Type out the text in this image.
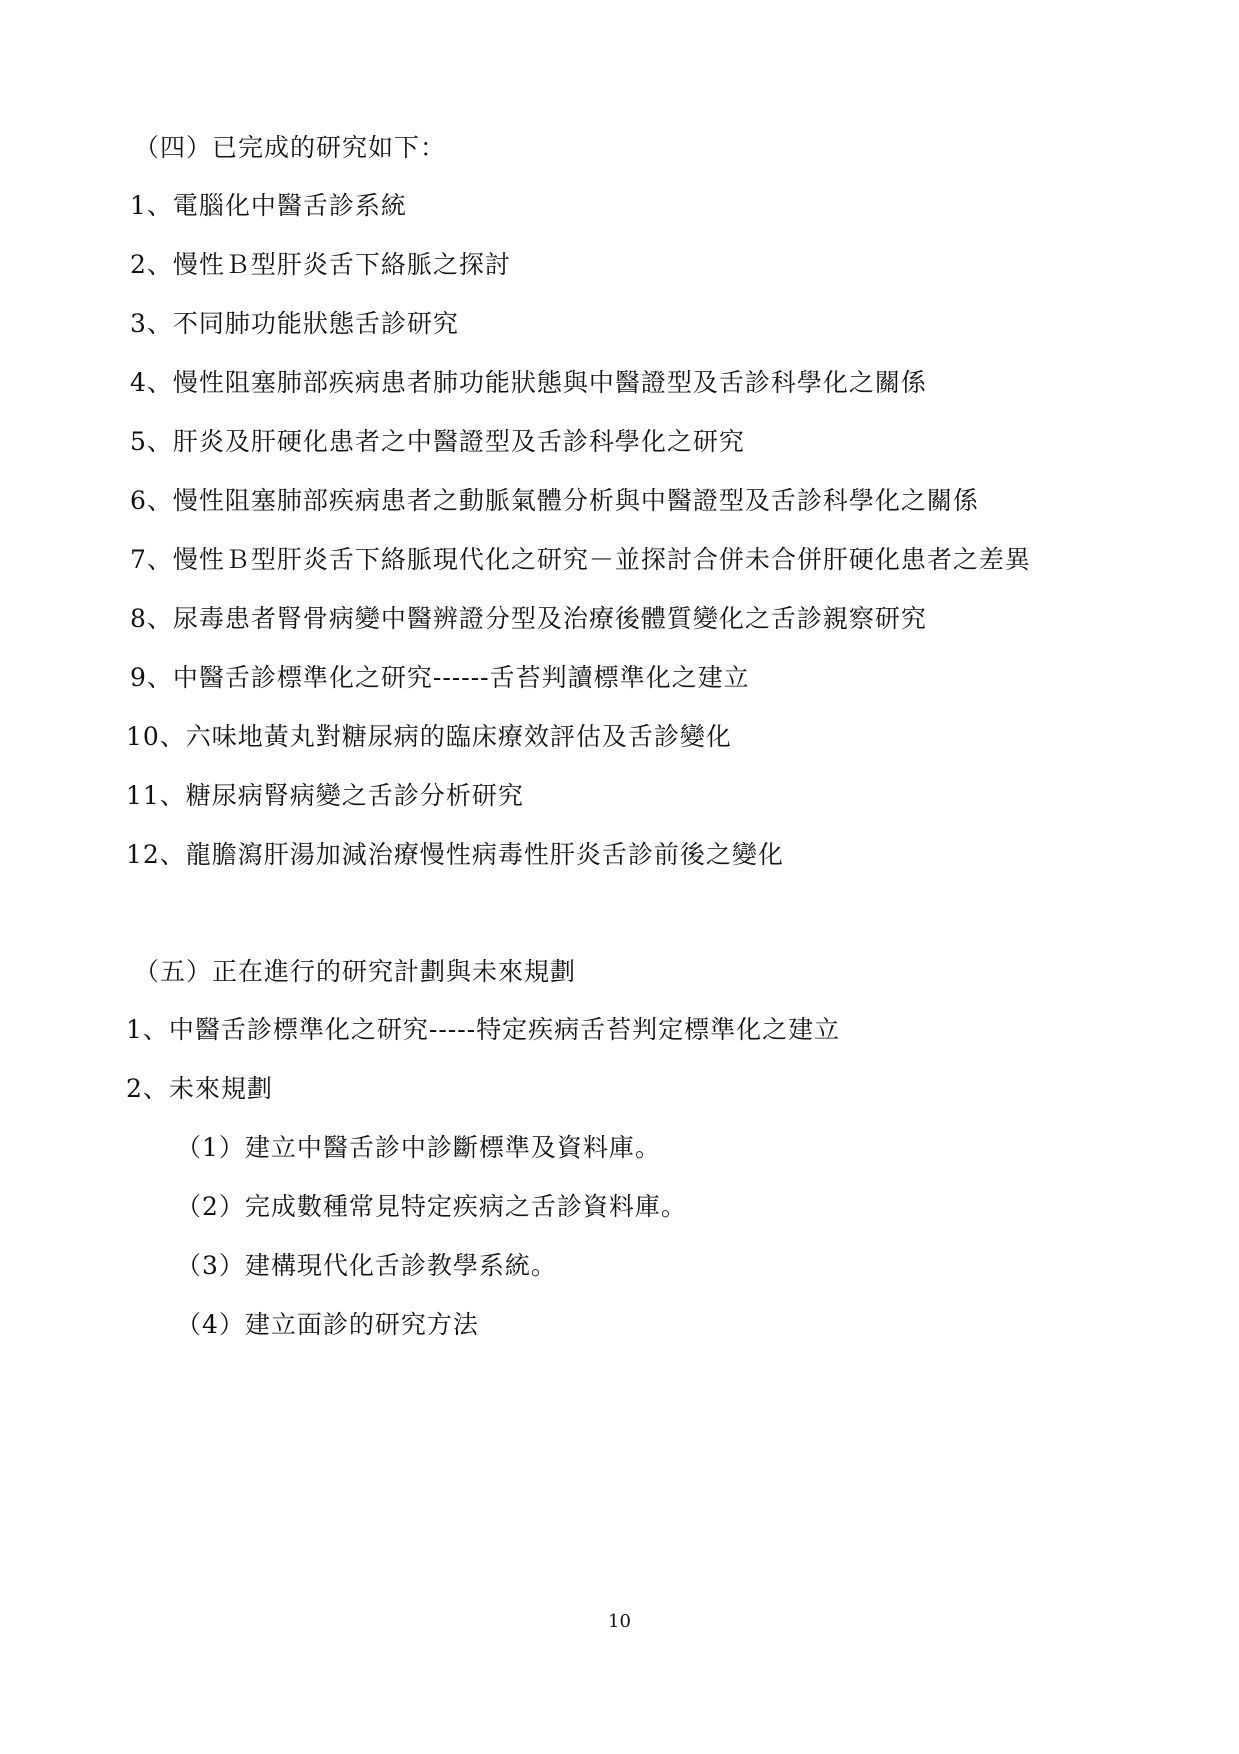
（四）已完成的研究如下：
1、電腦化中醫舌診系統
2、慢性Ｂ型肝炎舌下絡脈之探討
3、不同肺功能狀態舌診研究
4、慢性阻塞肺部疾病患者肺功能狀態與中醫證型及舌診科學化之關係
5、肝炎及肝硬化患者之中醫證型及舌診科學化之研究
6、慢性阻塞肺部疾病患者之動脈氣體分析與中醫證型及舌診科學化之關係
7、慢性Ｂ型肝炎舌下絡脈現代化之研究－並探討合併未合併肝硬化患者之差異
8、尿毒患者腎骨病變中醫辨證分型及治療後體質變化之舌診親察研究
9、中醫舌診標準化之研究------舌苔判讀標準化之建立
10、六味地黃丸對糖尿病的臨床療效評估及舌診變化
11、糖尿病腎病變之舌診分析研究
12、龍膽瀉肝湯加減治療慢性病毒性肝炎舌診前後之變化
（五）正在進行的研究計劃與未來規劃
1、中醫舌診標準化之研究-----特定疾病舌苔判定標準化之建立
2、未來規劃
（1）建立中醫舌診中診斷標準及資料庫。
（2）完成數種常見特定疾病之舌診資料庫。
（3）建構現代化舌診教學系統。
（4）建立面診的研究方法
10
